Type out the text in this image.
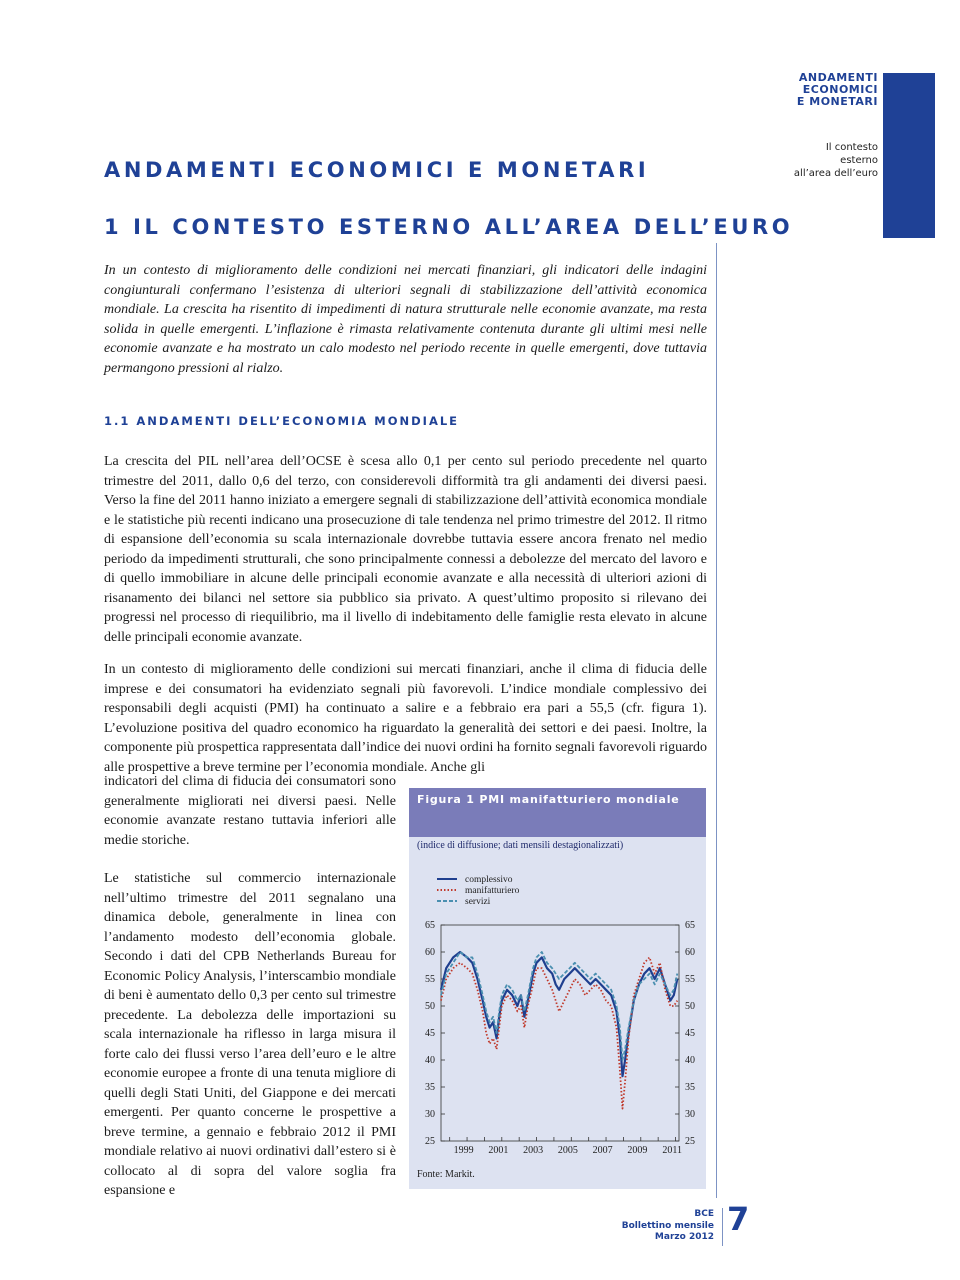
ANDAMENTI
ECONOMICI
E MONETARI
Il contesto
esterno
all’area dell’euro
ANDAMENTI ECONOMICI E MONETARI
1 IL CONTESTO ESTERNO ALL’AREA DELL’EURO
In un contesto di miglioramento delle condizioni nei mercati finanziari, gli indicatori delle indagini congiunturali confermano l’esistenza di ulteriori segnali di stabilizzazione dell’attività economica mondiale. La crescita ha risentito di impedimenti di natura strutturale nelle economie avanzate, ma resta solida in quelle emergenti. L’inflazione è rimasta relativamente contenuta durante gli ultimi mesi nelle economie avanzate e ha mostrato un calo modesto nel periodo recente in quelle emergenti, dove tuttavia permangono pressioni al rialzo.
1.1 ANDAMENTI DELL’ECONOMIA MONDIALE
La crescita del PIL nell’area dell’OCSE è scesa allo 0,1 per cento sul periodo precedente nel quarto trimestre del 2011, dallo 0,6 del terzo, con considerevoli difformità tra gli andamenti dei diversi paesi. Verso la fine del 2011 hanno iniziato a emergere segnali di stabilizzazione dell’attività economica mondiale e le statistiche più recenti indicano una prosecuzione di tale tendenza nel primo trimestre del 2012. Il ritmo di espansione dell’economia su scala internazionale dovrebbe tuttavia essere ancora frenato nel medio periodo da impedimenti strutturali, che sono principalmente connessi a debolezze del mercato del lavoro e di quello immobiliare in alcune delle principali economie avanzate e alla necessità di ulteriori azioni di risanamento dei bilanci nel settore sia pubblico sia privato. A quest’ultimo proposito si rilevano dei progressi nel processo di riequilibrio, ma il livello di indebitamento delle famiglie resta elevato in alcune delle principali economie avanzate.
In un contesto di miglioramento delle condizioni sui mercati finanziari, anche il clima di fiducia delle imprese e dei consumatori ha evidenziato segnali più favorevoli. L’indice mondiale complessivo dei responsabili degli acquisti (PMI) ha continuato a salire e a febbraio era pari a 55,5 (cfr. figura 1). L’evoluzione positiva del quadro economico ha riguardato la generalità dei settori e dei paesi. Inoltre, la componente più prospettica rappresentata dall’indice dei nuovi ordini ha fornito segnali favorevoli riguardo alle prospettive a breve termine per l’economia mondiale. Anche gli
indicatori del clima di fiducia dei consumatori sono generalmente migliorati nei diversi paesi. Nelle economie avanzate restano tuttavia inferiori alle medie storiche.
Le statistiche sul commercio internazionale nell’ultimo trimestre del 2011 segnalano una dinamica debole, generalmente in linea con l’andamento modesto dell’economia globale. Secondo i dati del CPB Netherlands Bureau for Economic Policy Analysis, l’interscambio mondiale di beni è aumentato dello 0,3 per cento sul trimestre precedente. La debolezza delle importazioni su scala internazionale ha riflesso in larga misura il forte calo dei flussi verso l’area dell’euro e le altre economie europee a fronte di una tenuta migliore di quelli degli Stati Uniti, del Giappone e dei mercati emergenti. Per quanto concerne le prospettive a breve termine, a gennaio e febbraio 2012 il PMI mondiale relativo ai nuovi ordinativi dall’estero si è collocato al di sopra del valore soglia fra espansione e
Figura 1 PMI manifatturiero mondiale
(indice di diffusione; dati mensili destagionalizzati)
25	25
30	30
35	35
40	40
45	45
50	50
55	55
60	60
65	65
1999 2001 2003 2005 2007 2009 2011
complessivo
manifatturiero
servizi
Fonte: Markit.
BCE
Bollettino mensile
Marzo 2012 7
